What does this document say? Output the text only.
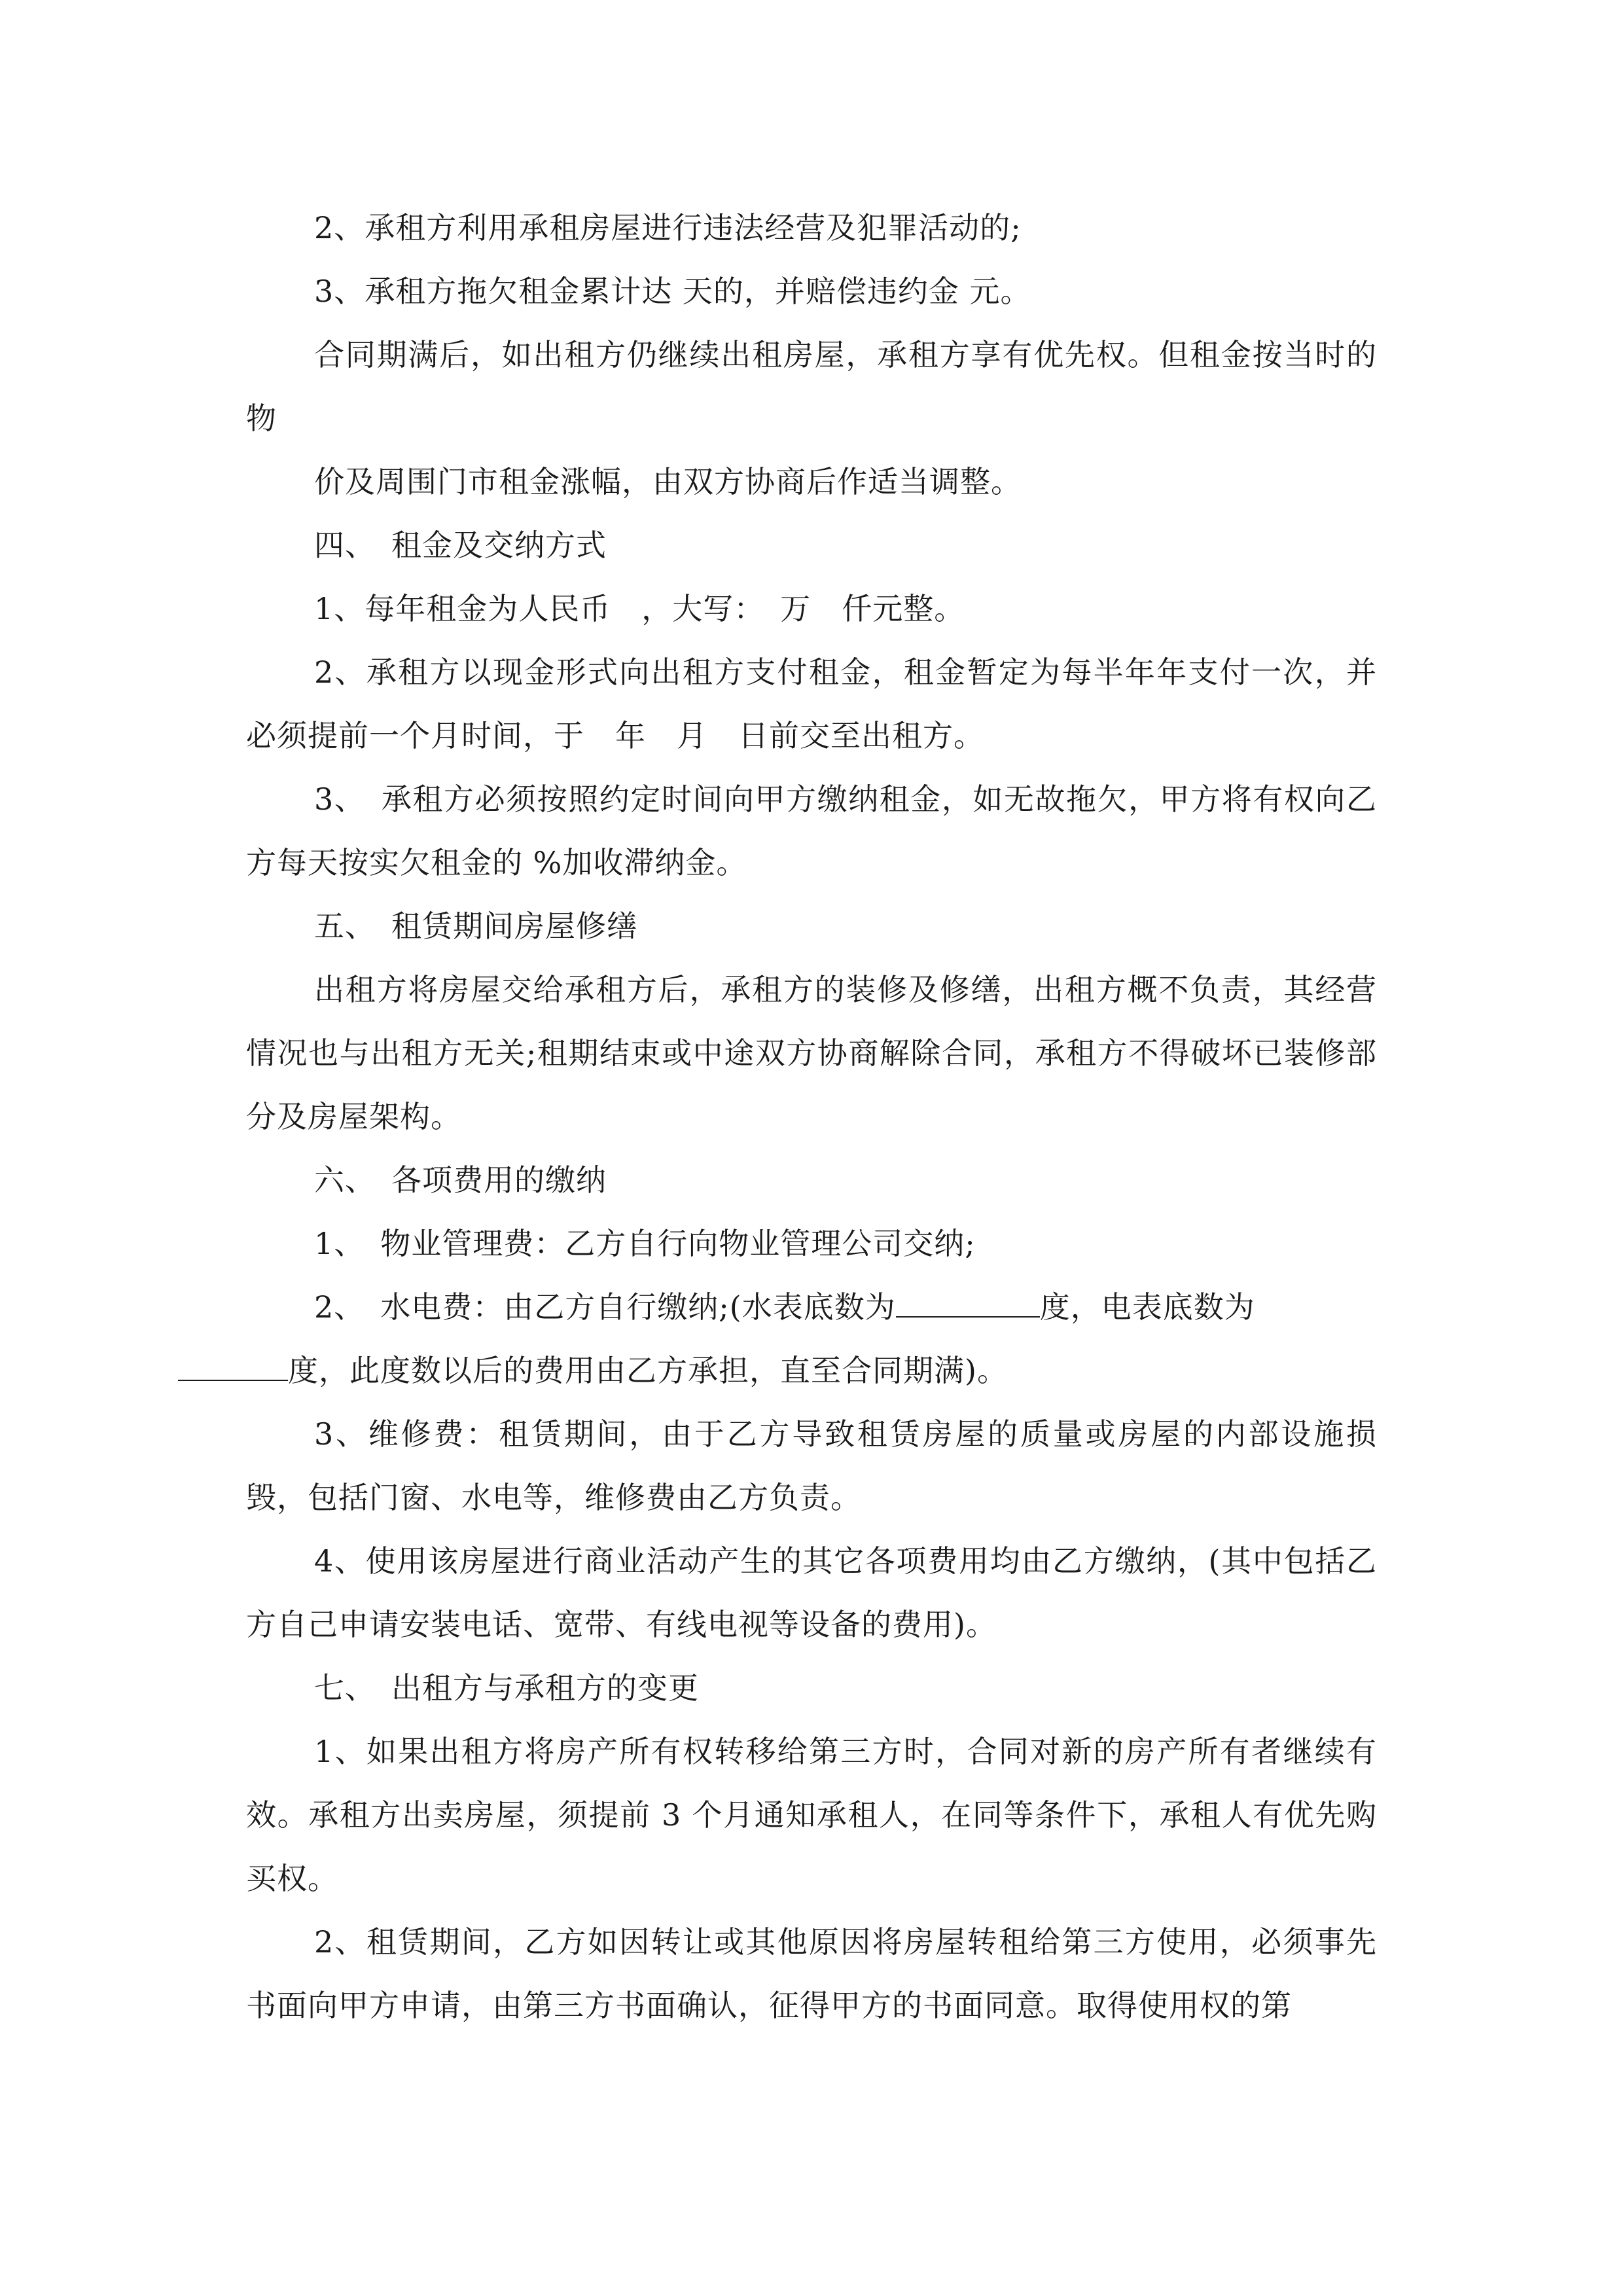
2、承租方利用承租房屋进行违法经营及犯罪活动的;

3、承租方拖欠租金累计达 天的，并赔偿违约金 元。

合同期满后，如出租方仍继续出租房屋，承租方享有优先权。但租金按当时的物

价及周围门市租金涨幅，由双方协商后作适当调整。

四、　租金及交纳方式

1、每年租金为人民币　，大写：　万　仟元整。

2、承租方以现金形式向出租方支付租金，租金暂定为每半年年支付一次，并必须提前一个月时间，于　年　月　日前交至出租方。

3、　承租方必须按照约定时间向甲方缴纳租金，如无故拖欠，甲方将有权向乙方每天按实欠租金的 %加收滞纳金。

五、　租赁期间房屋修缮

出租方将房屋交给承租方后，承租方的装修及修缮，出租方概不负责，其经营情况也与出租方无关;租期结束或中途双方协商解除合同，承租方不得破坏已装修部分及房屋架构。

六、　各项费用的缴纳

1、　物业管理费：乙方自行向物业管理公司交纳;

2、　水电费：由乙方自行缴纳;(水表底数为	度，电表底数为
度，此度数以后的费用由乙方承担，直至合同期满)。

3、维修费：租赁期间，由于乙方导致租赁房屋的质量或房屋的内部设施损毁，包括门窗、水电等，维修费由乙方负责。

4、使用该房屋进行商业活动产生的其它各项费用均由乙方缴纳，(其中包括乙方自己申请安装电话、宽带、有线电视等设备的费用)。

七、　出租方与承租方的变更

1、如果出租方将房产所有权转移给第三方时，合同对新的房产所有者继续有效。承租方出卖房屋，须提前 3 个月通知承租人，在同等条件下，承租人有优先购买权。

2、租赁期间，乙方如因转让或其他原因将房屋转租给第三方使用，必须事先书面向甲方申请，由第三方书面确认，征得甲方的书面同意。取得使用权的第
